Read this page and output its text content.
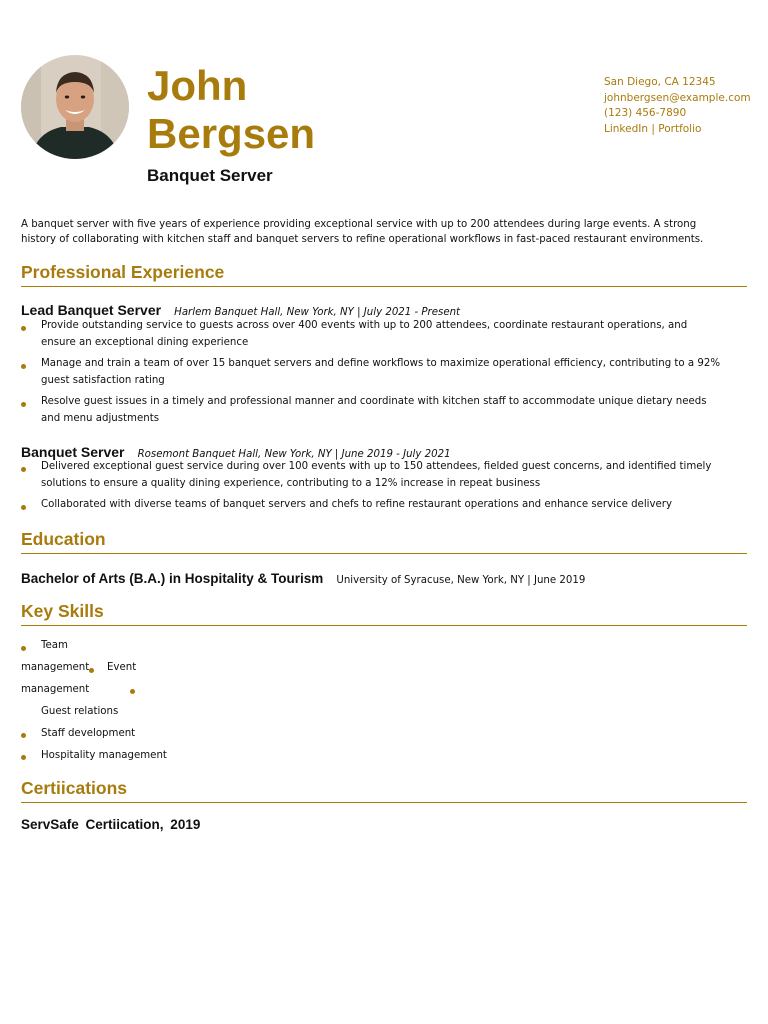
John
Bergsen
Banquet Server
San Diego, CA 12345
johnbergsen@example.com
(123) 456-7890
LinkedIn | Portfolio
A banquet server with five years of experience providing exceptional service with up to 200 attendees during large events. A strong history of collaborating with kitchen staff and banquet servers to refine operational workflows in fast-paced restaurant environments.
Professional Experience
Lead Banquet Server Harlem Banquet Hall, New York, NY | July 2021 - Present
Provide outstanding service to guests across over 400 events with up to 200 attendees, coordinate restaurant operations, and ensure an exceptional dining experience
Manage and train a team of over 15 banquet servers and define workflows to maximize operational efficiency, contributing to a 92% guest satisfaction rating
Resolve guest issues in a timely and professional manner and coordinate with kitchen staff to accommodate unique dietary needs and menu adjustments
Banquet Server Rosemont Banquet Hall, New York, NY | June 2019 - July 2021
Delivered exceptional guest service during over 100 events with up to 150 attendees, fielded guest concerns, and identified timely solutions to ensure a quality dining experience, contributing to a 12% increase in repeat business
Collaborated with diverse teams of banquet servers and chefs to refine restaurant operations and enhance service delivery
Education
Bachelor of Arts (B.A.) in Hospitality & Tourism University of Syracuse, New York, NY | June 2019
Key Skills
Team
management Event
management
Guest relations
Staff development
Hospitality management
Certiications
ServSafe Certiication, 2019
